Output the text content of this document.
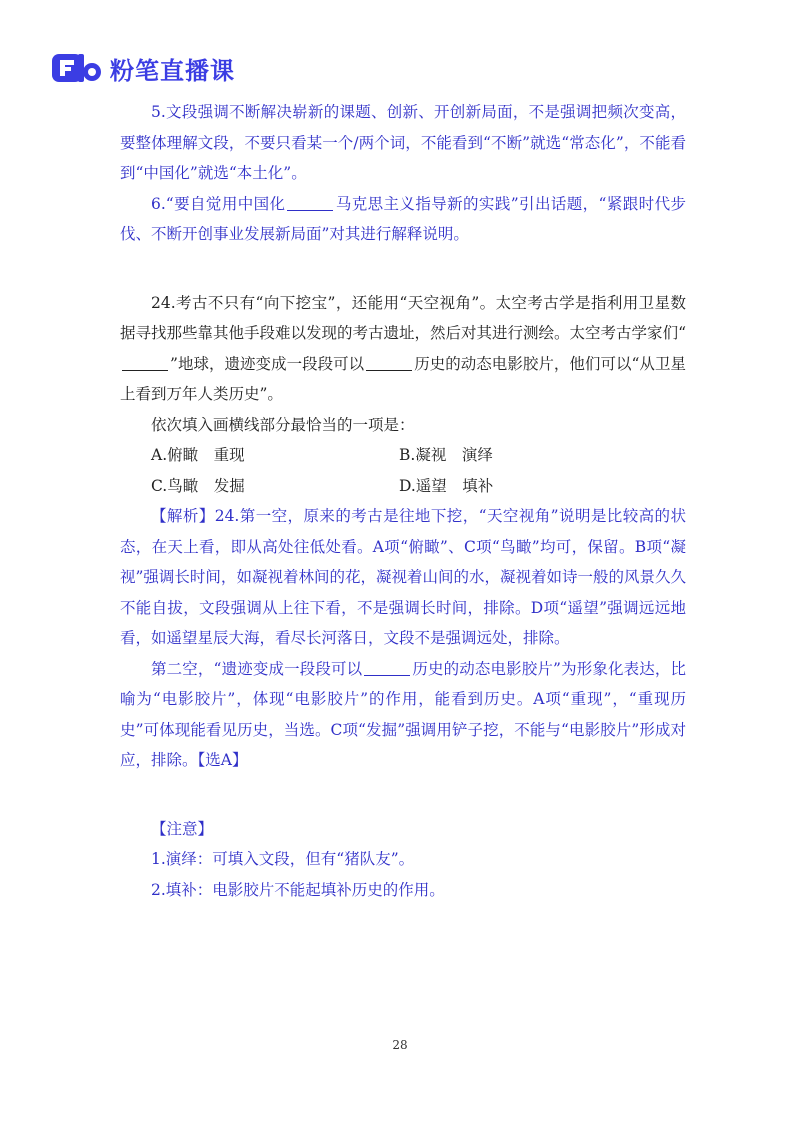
粉笔直播课

5.文段强调不断解决崭新的课题、创新、开创新局面，不是强调把频次变高，要整体理解文段，不要只看某一个/两个词，不能看到“不断”就选“常态化”，不能看到“中国化”就选“本土化”。

6.“要自觉用中国化	马克思主义指导新的实践”引出话题，“紧跟时代步伐、不断开创事业发展新局面”对其进行解释说明。

24.考古不只有“向下挖宝”，还能用“天空视角”。太空考古学是指利用卫星数据寻找那些靠其他手段难以发现的考古遗址，然后对其进行测绘。太空考古学家们“”地球，遗迹变成一段段可以	历史的动态电影胶片，他们可以“从卫星上看到万年人类历史”。

依次填入画横线部分最恰当的一项是：

A.俯瞰　重现	B.凝视　演绎
C.鸟瞰　发掘	D.遥望　填补

【解析】24.第一空，原来的考古是往地下挖，“天空视角”说明是比较高的状态，在天上看，即从高处往低处看。A项“俯瞰”、C项“鸟瞰”均可，保留。B项“凝视”强调长时间，如凝视着林间的花，凝视着山间的水，凝视着如诗一般的风景久久不能自拔，文段强调从上往下看，不是强调长时间，排除。D项“遥望”强调远远地看，如遥望星辰大海，看尽长河落日，文段不是强调远处，排除。

第二空，“遗迹变成一段段可以	历史的动态电影胶片”为形象化表达，比喻为“电影胶片”，体现“电影胶片”的作用，能看到历史。A项“重现”，“重现历史”可体现能看见历史，当选。C项“发掘”强调用铲子挖，不能与“电影胶片”形成对应，排除。【选A】

【注意】

1.演绎：可填入文段，但有“猪队友”。

2.填补：电影胶片不能起填补历史的作用。

28
